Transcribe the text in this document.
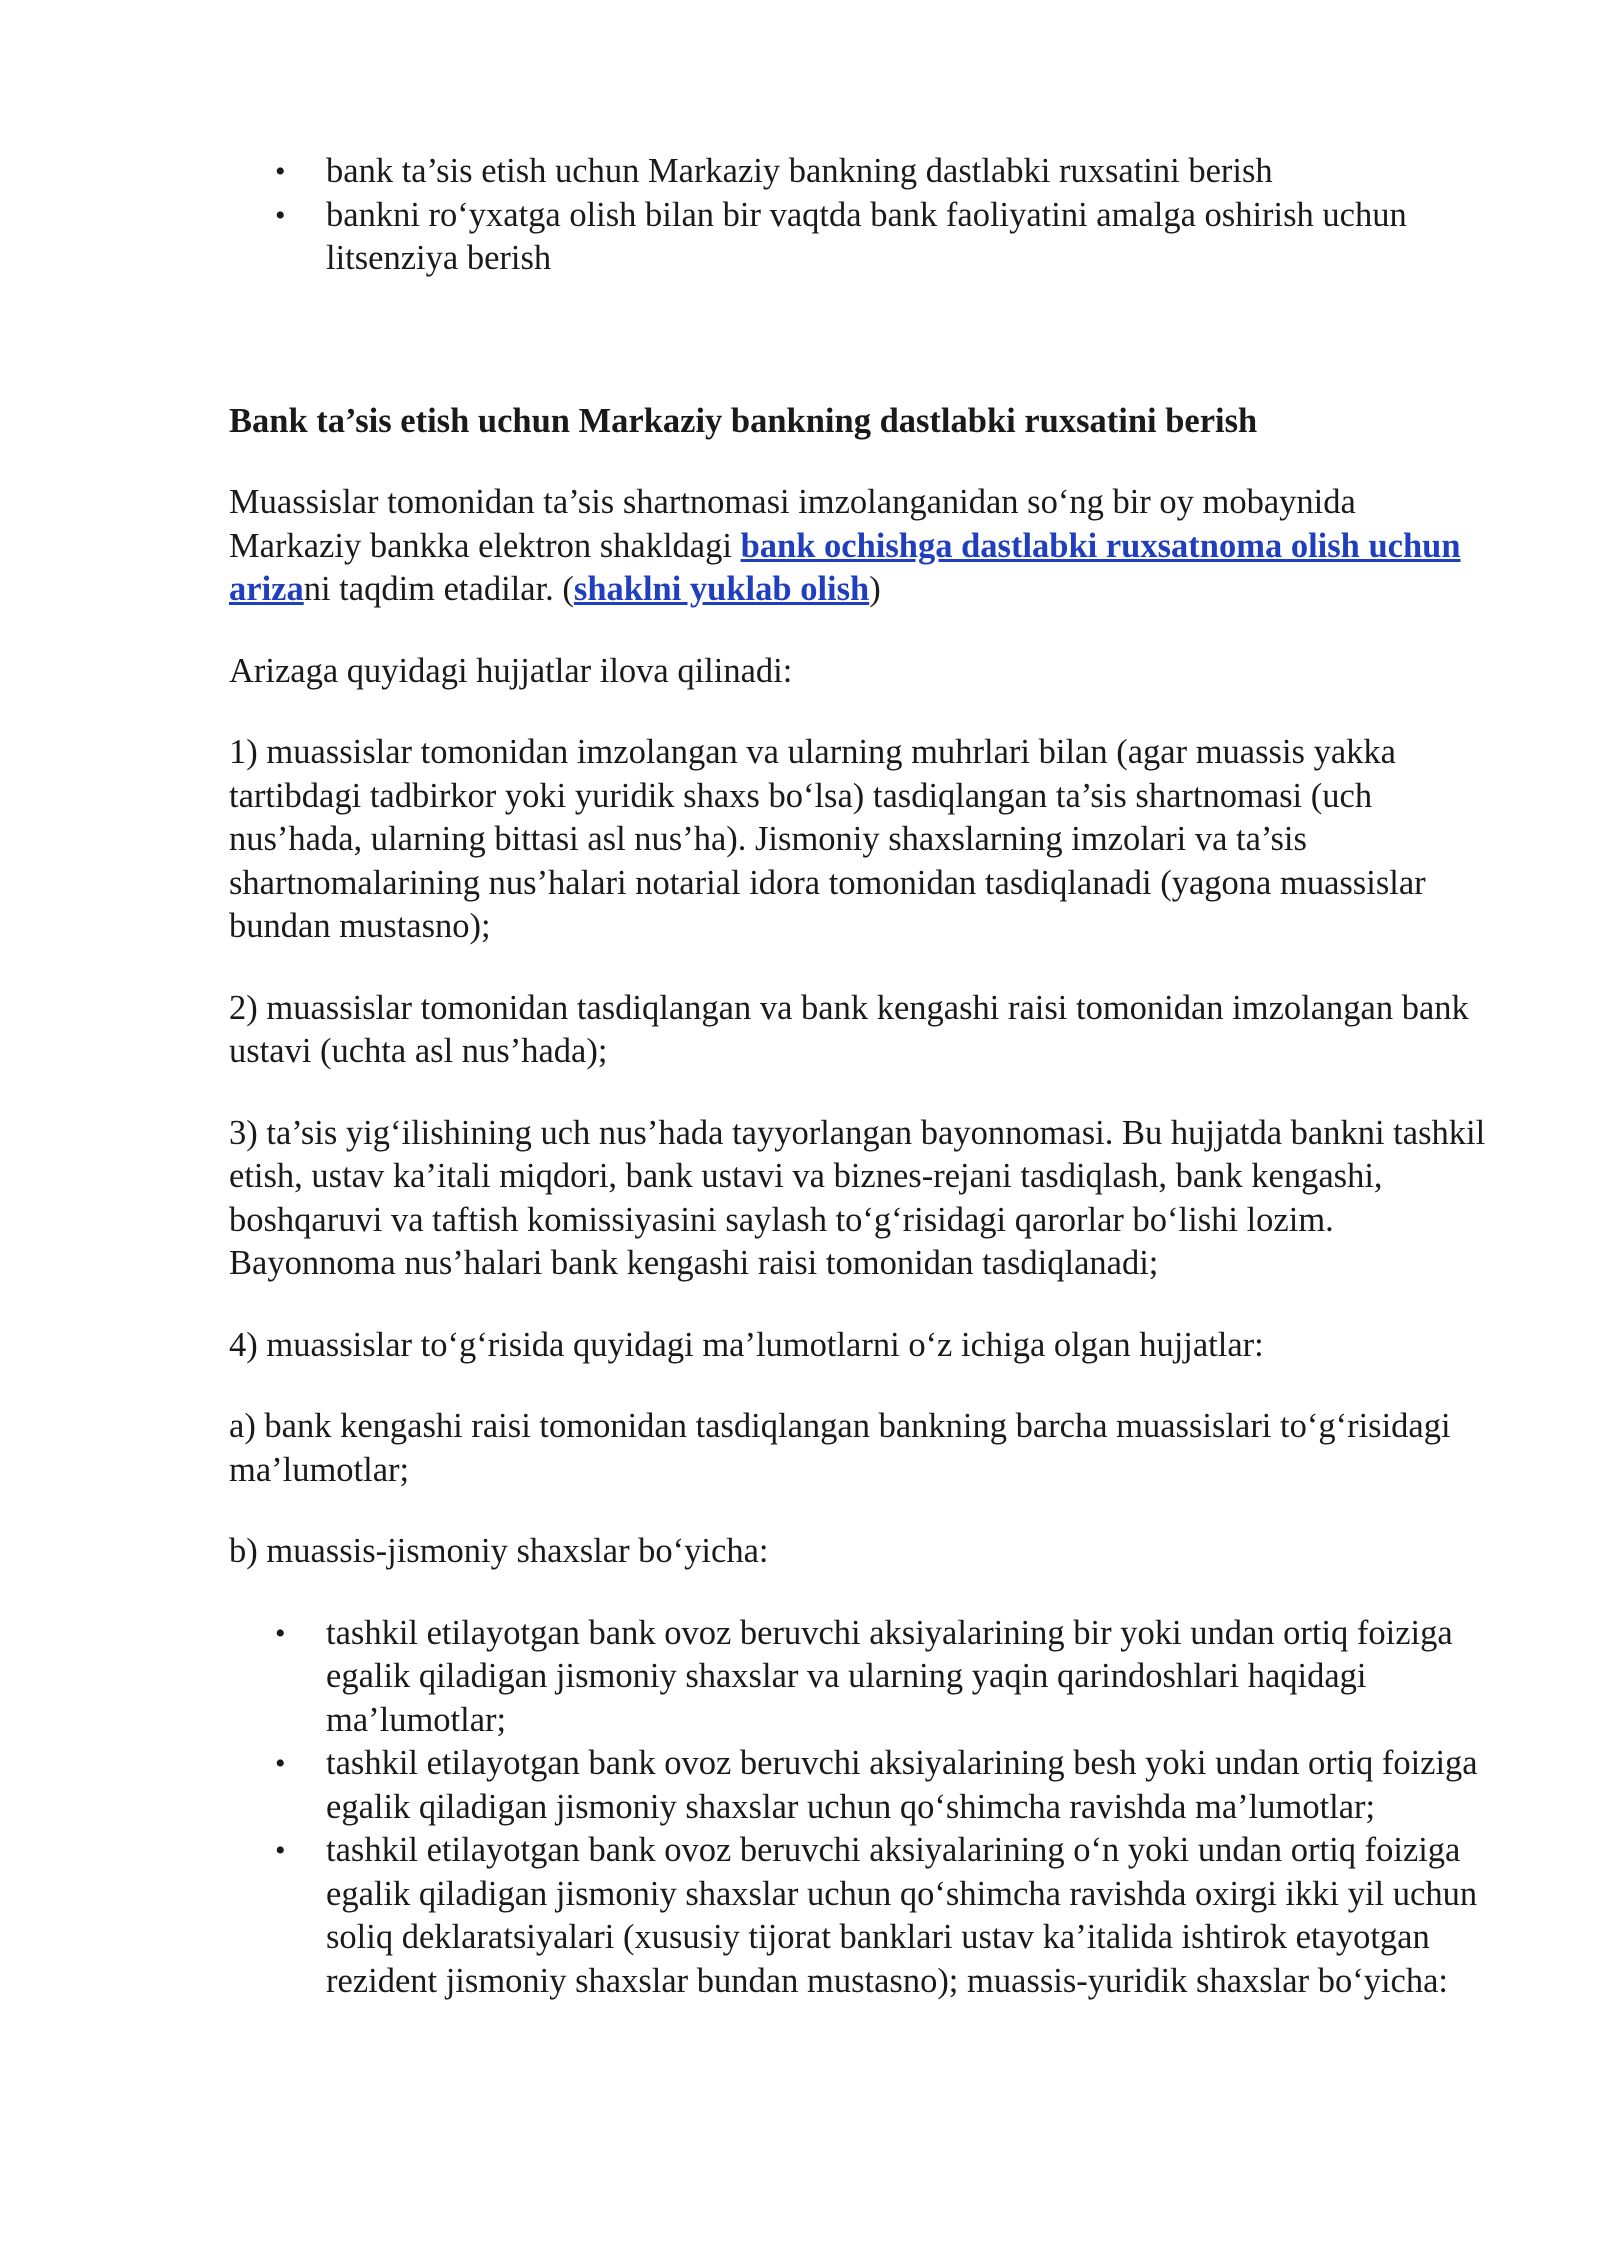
• bank ta’sis etish uchun Markaziy bankning dastlabki ruxsatini berish
• bankni ro‘yxatga olish bilan bir vaqtda bank faoliyatini amalga oshirish uchun litsenziya berish
Bank ta’sis etish uchun Markaziy bankning dastlabki ruxsatini berish

Muassislar tomonidan ta’sis shartnomasi imzolanganidan so‘ng bir oy mobaynida Markaziy bankka elektron shakldagi bank ochishga dastlabki ruxsatnoma olish uchun arizani taqdim etadilar. (shaklni yuklab olish)

Arizaga quyidagi hujjatlar ilova qilinadi:

1) muassislar tomonidan imzolangan va ularning muhrlari bilan (agar muassis yakka tartibdagi tadbirkor yoki yuridik shaxs bo‘lsa) tasdiqlangan ta’sis shartnomasi (uch nus’hada, ularning bittasi asl nus’ha). Jismoniy shaxslarning imzolari va ta’sis shartnomalarining nus’halari notarial idora tomonidan tasdiqlanadi (yagona muassislar bundan mustasno);

2) muassislar tomonidan tasdiqlangan va bank kengashi raisi tomonidan imzolangan bank ustavi (uchta asl nus’hada);

3) ta’sis yig‘ilishining uch nus’hada tayyorlangan bayonnomasi. Bu hujjatda bankni tashkil etish, ustav ka’itali miqdori, bank ustavi va biznes-rejani tasdiqlash, bank kengashi, boshqaruvi va taftish komissiyasini saylash to‘g‘risidagi qarorlar bo‘lishi lozim. Bayonnoma nus’halari bank kengashi raisi tomonidan tasdiqlanadi;

4) muassislar to‘g‘risida quyidagi ma’lumotlarni o‘z ichiga olgan hujjatlar:

a) bank kengashi raisi tomonidan tasdiqlangan bankning barcha muassislari to‘g‘risidagi ma’lumotlar;

b) muassis-jismoniy shaxslar bo‘yicha:

• tashkil etilayotgan bank ovoz beruvchi aksiyalarining bir yoki undan ortiq foiziga egalik qiladigan jismoniy shaxslar va ularning yaqin qarindoshlari haqidagi ma’lumotlar;
• tashkil etilayotgan bank ovoz beruvchi aksiyalarining besh yoki undan ortiq foiziga egalik qiladigan jismoniy shaxslar uchun qo‘shimcha ravishda ma’lumotlar;
• tashkil etilayotgan bank ovoz beruvchi aksiyalarining o‘n yoki undan ortiq foiziga egalik qiladigan jismoniy shaxslar uchun qo‘shimcha ravishda oxirgi ikki yil uchun soliq deklaratsiyalari (xususiy tijorat banklari ustav ka’italida ishtirok etayotgan rezident jismoniy shaxslar bundan mustasno); muassis-yuridik shaxslar bo‘yicha:
